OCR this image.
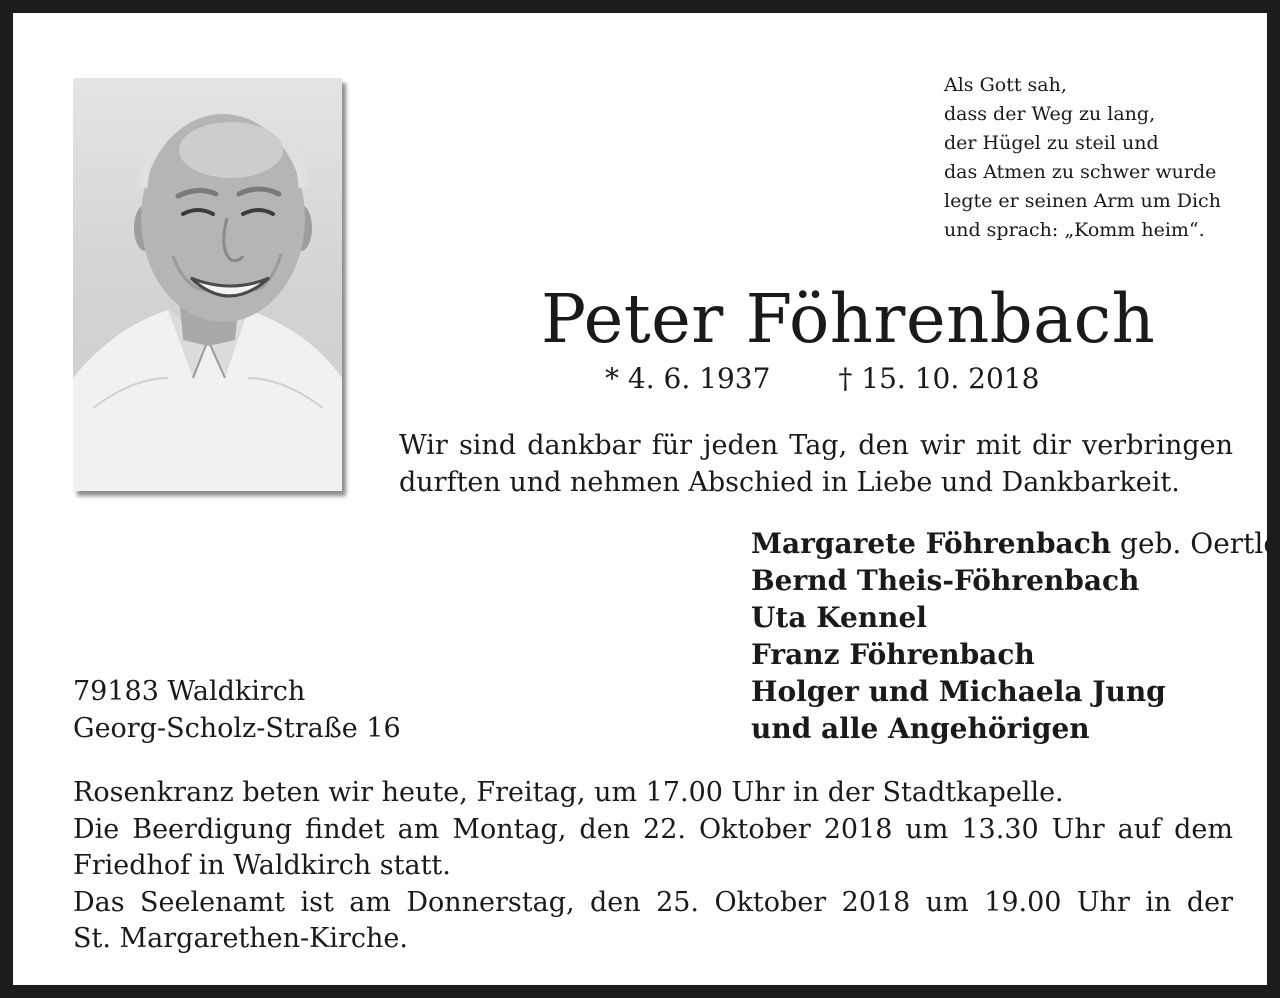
Als Gott sah,
dass der Weg zu lang,
der Hügel zu steil und
das Atmen zu schwer wurde
legte er seinen Arm um Dich
und sprach: „Komm heim“.
Peter Föhrenbach
* 4. 6. 1937 † 15. 10. 2018
Wir sind dankbar für jeden Tag, den wir mit dir verbringen
durften und nehmen Abschied in Liebe und Dankbarkeit.
Margarete Föhrenbach geb. Oertle
Bernd Theis-Föhrenbach
Uta Kennel
Franz Föhrenbach
Holger und Michaela Jung
und alle Angehörigen
79183 Waldkirch
Georg-Scholz-Straße 16
Rosenkranz beten wir heute, Freitag, um 17.00 Uhr in der Stadtkapelle.
Die Beerdigung findet am Montag, den 22. Oktober 2018 um 13.30 Uhr auf dem
Friedhof in Waldkirch statt.
Das Seelenamt ist am Donnerstag, den 25. Oktober 2018 um 19.00 Uhr in der
St. Margarethen-Kirche.
